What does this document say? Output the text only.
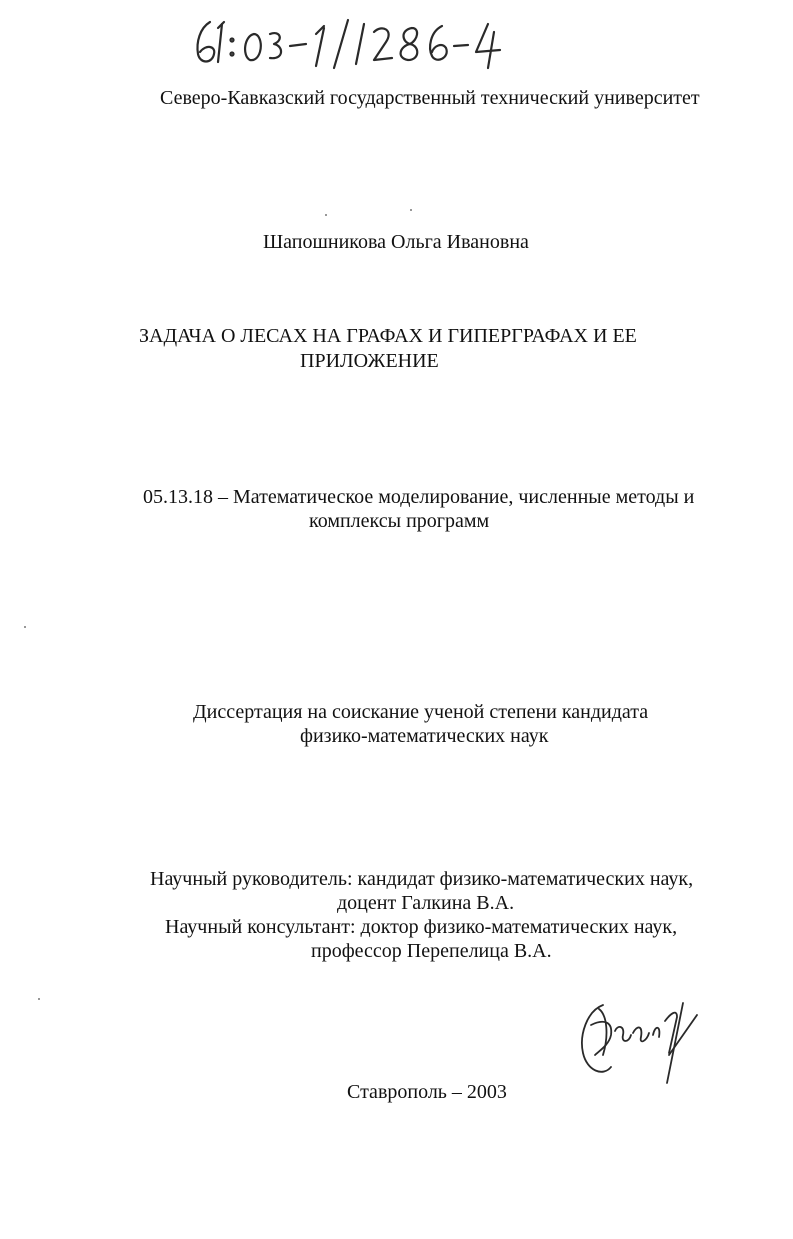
Северо-Кавказский государственный технический университет
Шапошникова Ольга Ивановна
ЗАДАЧА О ЛЕСАХ НА ГРАФАХ И ГИПЕРГРАФАХ И ЕЕ
ПРИЛОЖЕНИЕ
05.13.18 – Математическое моделирование, численные методы и
комплексы программ
Диссертация на соискание ученой степени кандидата
физико-математических наук
Научный руководитель: кандидат физико-математических наук,
доцент Галкина В.А.
Научный консультант: доктор физико-математических наук,
профессор Перепелица В.А.
Ставрополь – 2003
